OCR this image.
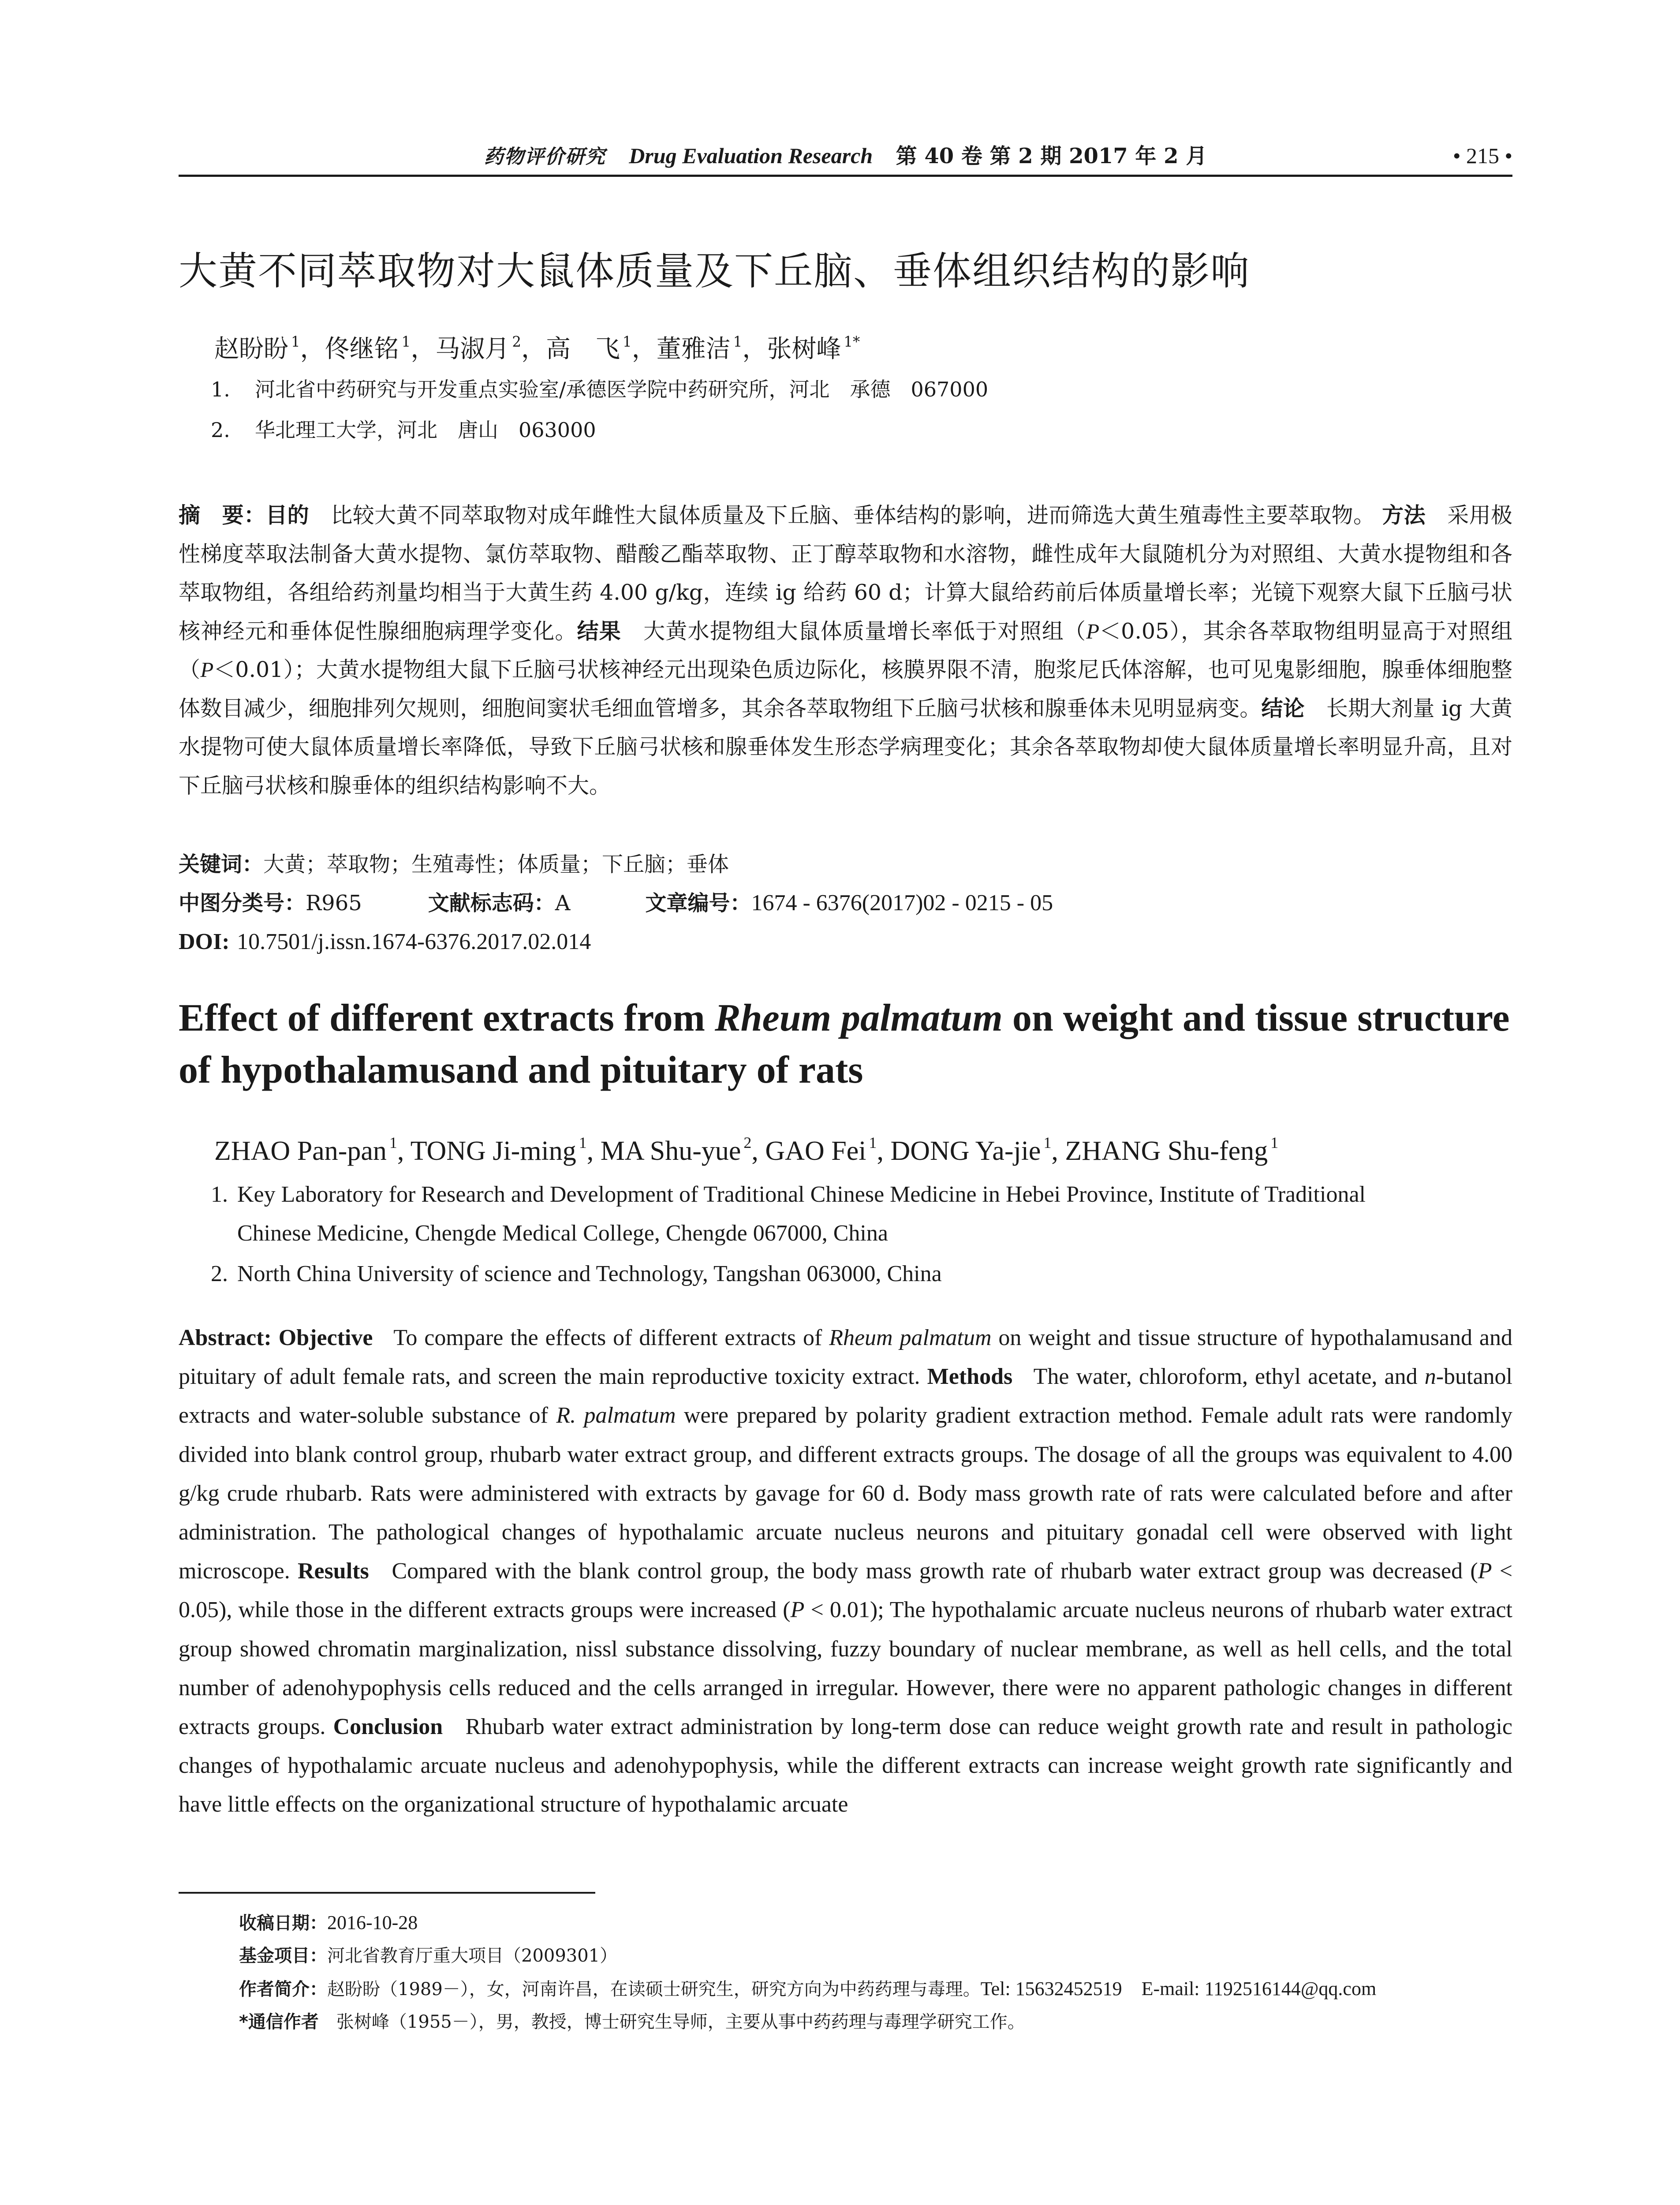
药物评价研究 Drug Evaluation Research 第 40 卷 第 2 期 2017 年 2 月	• 215 •
大黄不同萃取物对大鼠体质量及下丘脑、垂体组织结构的影响
赵盼盼 $^1$，佟继铭 $^1$，马淑月 $^2$，高　飞 $^1$，董雅洁 $^1$，张树峰 $^{1*}$
1. 河北省中药研究与开发重点实验室/承德医学院中药研究所，河北　承德　067000
2. 华北理工大学，河北　唐山　063000
摘　要：目的　 比较大黄不同萃取物对成年雌性大鼠体质量及下丘脑、垂体结构的影响，进而筛选大黄生殖毒性主要萃取物。 方法　 采用极性梯度萃取法制备大黄水提物、氯仿萃取物、醋酸乙酯萃取物、正丁醇萃取物和水溶物，雌性成年大鼠随机分为对照组、大黄水提物组和各萃取物组，各组给药剂量均相当于大黄生药 4.00 g/kg，连续 ig 给药 60 d；计算大鼠给药前后体质量增长率；光镜下观察大鼠下丘脑弓状核神经元和垂体促性腺细胞病理学变化。结果　 大黄水提物组大鼠体质量增长率低于对照组（P＜0.05），其余各萃取物组明显高于对照组（P＜0.01）；大黄水提物组大鼠下丘脑弓状核神经元出现染色质边际化，核膜界限不清，胞浆尼氏体溶解，也可见鬼影细胞，腺垂体细胞整体数目减少，细胞排列欠规则，细胞间窦状毛细血管增多，其余各萃取物组下丘脑弓状核和腺垂体未见明显病变。结论　 长期大剂量 ig 大黄水提物可使大鼠体质量增长率降低，导致下丘脑弓状核和腺垂体发生形态学病理变化；其余各萃取物却使大鼠体质量增长率明显升高，且对下丘脑弓状核和腺垂体的组织结构影响不大。
关键词：大黄；萃取物；生殖毒性；体质量；下丘脑；垂体
中图分类号：R965	文献标志码：A	文章编号：1674 - 6376(2017)02 - 0215 - 05
DOI: 10.7501/j.issn.1674-6376.2017.02.014
Effect of different extracts from Rheum palmatum on weight and tissue structure of hypothalamusand and pituitary of rats
ZHAO Pan-pan $^1$, TONG Ji-ming $^1$, MA Shu-yue $^2$, GAO Fei $^1$, DONG Ya-jie $^1$, ZHANG Shu-feng $^1$
1. Key Laboratory for Research and Development of Traditional Chinese Medicine in Hebei Province, Institute of Traditional
Chinese Medicine, Chengde Medical College, Chengde 067000, China
2. North China University of science and Technology, Tangshan 063000, China
Abstract: Objective To compare the effects of different extracts of Rheum palmatum on weight and tissue structure of hypothalamusand and pituitary of adult female rats, and screen the main reproductive toxicity extract. Methods The water, chloroform, ethyl acetate, and n-butanol extracts and water-soluble substance of R. palmatum were prepared by polarity gradient extraction method. Female adult rats were randomly divided into blank control group, rhubarb water extract group, and different extracts groups. The dosage of all the groups was equivalent to 4.00 g/kg crude rhubarb. Rats were administered with extracts by gavage for 60 d. Body mass growth rate of rats were calculated before and after administration. The pathological changes of hypothalamic arcuate nucleus neurons and pituitary gonadal cell were observed with light microscope. Results Compared with the blank control group, the body mass growth rate of rhubarb water extract group was decreased (P < 0.05), while those in the different extracts groups were increased (P < 0.01); The hypothalamic arcuate nucleus neurons of rhubarb water extract group showed chromatin marginalization, nissl substance dissolving, fuzzy boundary of nuclear membrane, as well as hell cells, and the total number of adenohypophysis cells reduced and the cells arranged in irregular. However, there were no apparent pathologic changes in different extracts groups. Conclusion Rhubarb water extract administration by long-term dose can reduce weight growth rate and result in pathologic changes of hypothalamic arcuate nucleus and adenohypophysis, while the different extracts can increase weight growth rate significantly and have little effects on the organizational structure of hypothalamic arcuate
收稿日期：2016-10-28
基金项目：河北省教育厅重大项目（2009301）
作者简介：赵盼盼（1989－），女，河南许昌，在读硕士研究生，研究方向为中药药理与毒理。Tel: 15632452519　E-mail: 1192516144@qq.com
*通信作者　 张树峰（1955－），男，教授，博士研究生导师，主要从事中药药理与毒理学研究工作。
